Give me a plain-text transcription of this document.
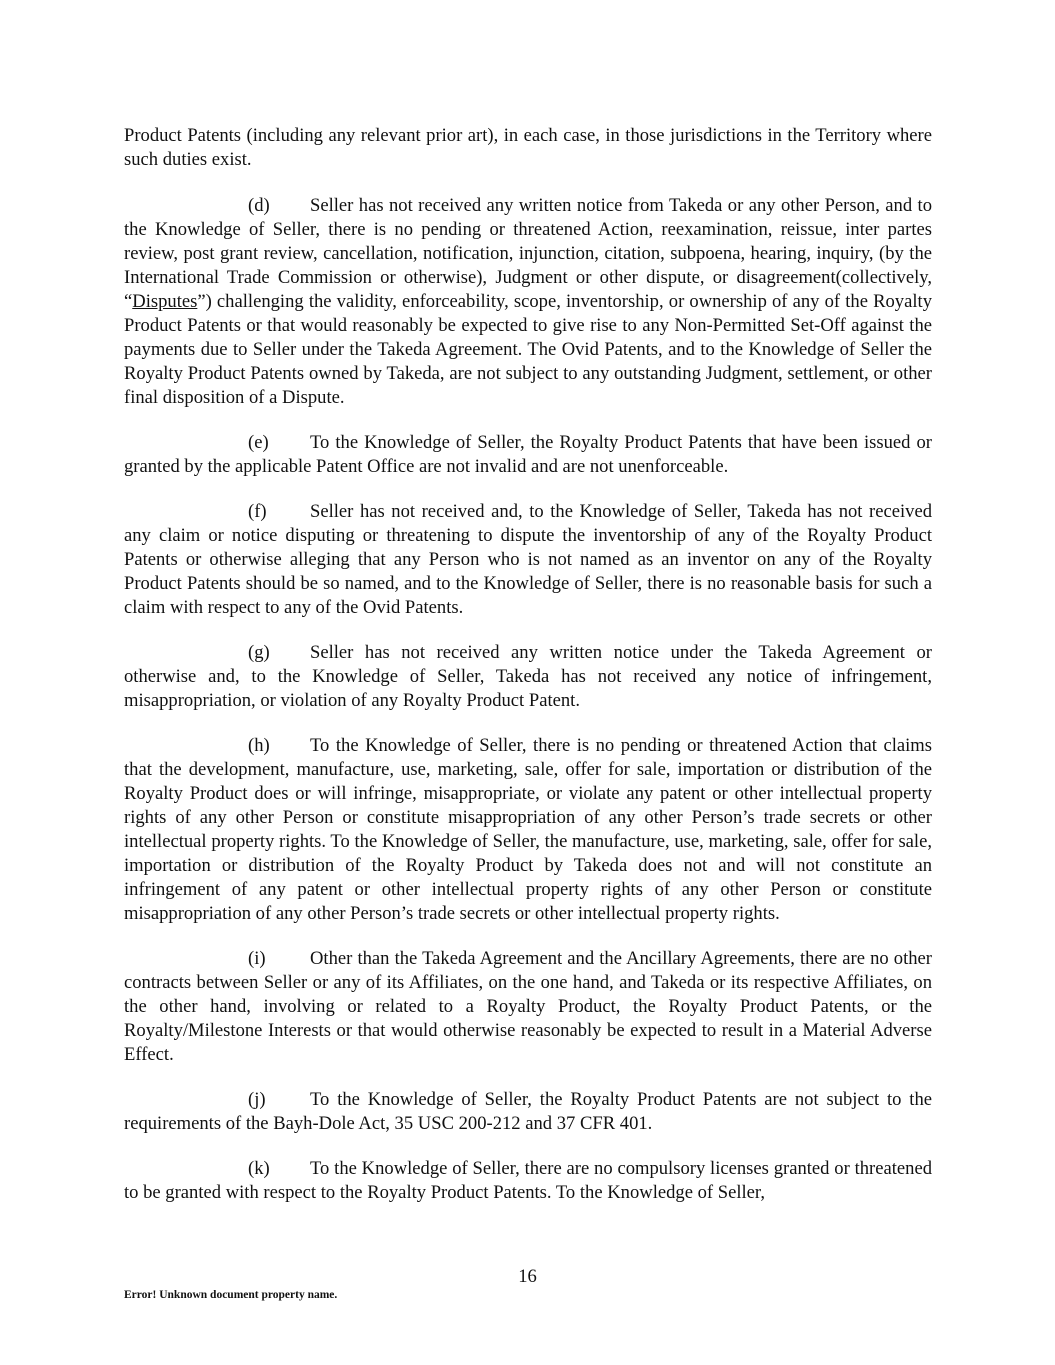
Product Patents (including any relevant prior art), in each case, in those jurisdictions in the Territory where such duties exist.

(d) Seller has not received any written notice from Takeda or any other Person, and to the Knowledge of Seller, there is no pending or threatened Action, reexamination, reissue, inter partes review, post grant review, cancellation, notification, injunction, citation, subpoena, hearing, inquiry, (by the International Trade Commission or otherwise), Judgment or other dispute, or disagreement(collectively, “Disputes”) challenging the validity, enforceability, scope, inventorship, or ownership of any of the Royalty Product Patents or that would reasonably be expected to give rise to any Non-Permitted Set-Off against the payments due to Seller under the Takeda Agreement. The Ovid Patents, and to the Knowledge of Seller the Royalty Product Patents owned by Takeda, are not subject to any outstanding Judgment, settlement, or other final disposition of a Dispute.

(e) To the Knowledge of Seller, the Royalty Product Patents that have been issued or granted by the applicable Patent Office are not invalid and are not unenforceable.

(f) Seller has not received and, to the Knowledge of Seller, Takeda has not received any claim or notice disputing or threatening to dispute the inventorship of any of the Royalty Product Patents or otherwise alleging that any Person who is not named as an inventor on any of the Royalty Product Patents should be so named, and to the Knowledge of Seller, there is no reasonable basis for such a claim with respect to any of the Ovid Patents.

(g) Seller has not received any written notice under the Takeda Agreement or otherwise and, to the Knowledge of Seller, Takeda has not received any notice of infringement, misappropriation, or violation of any Royalty Product Patent.

(h) To the Knowledge of Seller, there is no pending or threatened Action that claims that the development, manufacture, use, marketing, sale, offer for sale, importation or distribution of the Royalty Product does or will infringe, misappropriate, or violate any patent or other intellectual property rights of any other Person or constitute misappropriation of any other Person’s trade secrets or other intellectual property rights. To the Knowledge of Seller, the manufacture, use, marketing, sale, offer for sale, importation or distribution of the Royalty Product by Takeda does not and will not constitute an infringement of any patent or other intellectual property rights of any other Person or constitute misappropriation of any other Person’s trade secrets or other intellectual property rights.

(i) Other than the Takeda Agreement and the Ancillary Agreements, there are no other contracts between Seller or any of its Affiliates, on the one hand, and Takeda or its respective Affiliates, on the other hand, involving or related to a Royalty Product, the Royalty Product Patents, or the Royalty/Milestone Interests or that would otherwise reasonably be expected to result in a Material Adverse Effect.

(j) To the Knowledge of Seller, the Royalty Product Patents are not subject to the requirements of the Bayh-Dole Act, 35 USC 200-212 and 37 CFR 401.

(k) To the Knowledge of Seller, there are no compulsory licenses granted or threatened to be granted with respect to the Royalty Product Patents. To the Knowledge of Seller,

16
Error! Unknown document property name.
